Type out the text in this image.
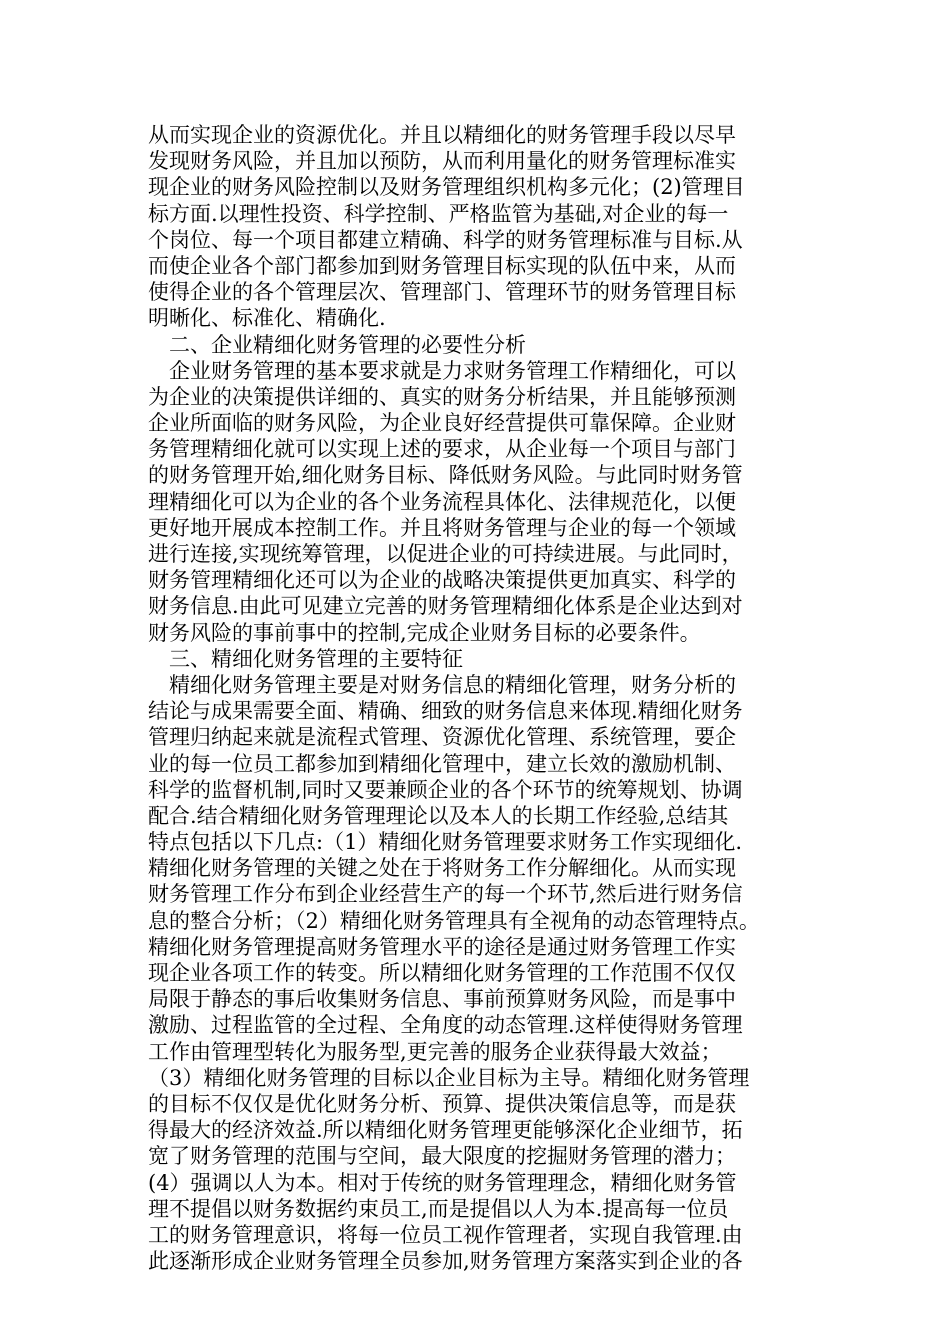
从而实现企业的资源优化。并且以精细化的财务管理手段以尽早
发现财务风险，并且加以预防，从而利用量化的财务管理标准实
现企业的财务风险控制以及财务管理组织机构多元化；(2)管理目
标方面.以理性投资、科学控制、严格监管为基础,对企业的每一
个岗位、每一个项目都建立精确、科学的财务管理标准与目标.从
而使企业各个部门都参加到财务管理目标实现的队伍中来，从而
使得企业的各个管理层次、管理部门、管理环节的财务管理目标
明晰化、标准化、精确化.
二、企业精细化财务管理的必要性分析
企业财务管理的基本要求就是力求财务管理工作精细化，可以
为企业的决策提供详细的、真实的财务分析结果，并且能够预测
企业所面临的财务风险，为企业良好经营提供可靠保障。企业财
务管理精细化就可以实现上述的要求，从企业每一个项目与部门
的财务管理开始,细化财务目标、降低财务风险。与此同时财务管
理精细化可以为企业的各个业务流程具体化、法律规范化，以便
更好地开展成本控制工作。并且将财务管理与企业的每一个领域
进行连接,实现统筹管理，以促进企业的可持续进展。与此同时，
财务管理精细化还可以为企业的战略决策提供更加真实、科学的
财务信息.由此可见建立完善的财务管理精细化体系是企业达到对
财务风险的事前事中的控制,完成企业财务目标的必要条件。
三、精细化财务管理的主要特征
精细化财务管理主要是对财务信息的精细化管理，财务分析的
结论与成果需要全面、精确、细致的财务信息来体现.精细化财务
管理归纳起来就是流程式管理、资源优化管理、系统管理，要企
业的每一位员工都参加到精细化管理中，建立长效的激励机制、
科学的监督机制,同时又要兼顾企业的各个环节的统筹规划、协调
配合.结合精细化财务管理理论以及本人的长期工作经验,总结其
特点包括以下几点:（1）精细化财务管理要求财务工作实现细化.
精细化财务管理的关键之处在于将财务工作分解细化。从而实现
财务管理工作分布到企业经营生产的每一个环节,然后进行财务信
息的整合分析；（2）精细化财务管理具有全视角的动态管理特点。
精细化财务管理提高财务管理水平的途径是通过财务管理工作实
现企业各项工作的转变。所以精细化财务管理的工作范围不仅仅
局限于静态的事后收集财务信息、事前预算财务风险，而是事中
激励、过程监管的全过程、全角度的动态管理.这样使得财务管理
工作由管理型转化为服务型,更完善的服务企业获得最大效益；
（3）精细化财务管理的目标以企业目标为主导。精细化财务管理
的目标不仅仅是优化财务分析、预算、提供决策信息等，而是获
得最大的经济效益.所以精细化财务管理更能够深化企业细节，拓
宽了财务管理的范围与空间，最大限度的挖掘财务管理的潜力；
(4）强调以人为本。相对于传统的财务管理理念，精细化财务管
理不提倡以财务数据约束员工,而是提倡以人为本.提高每一位员
工的财务管理意识，将每一位员工视作管理者，实现自我管理.由
此逐渐形成企业财务管理全员参加,财务管理方案落实到企业的各
